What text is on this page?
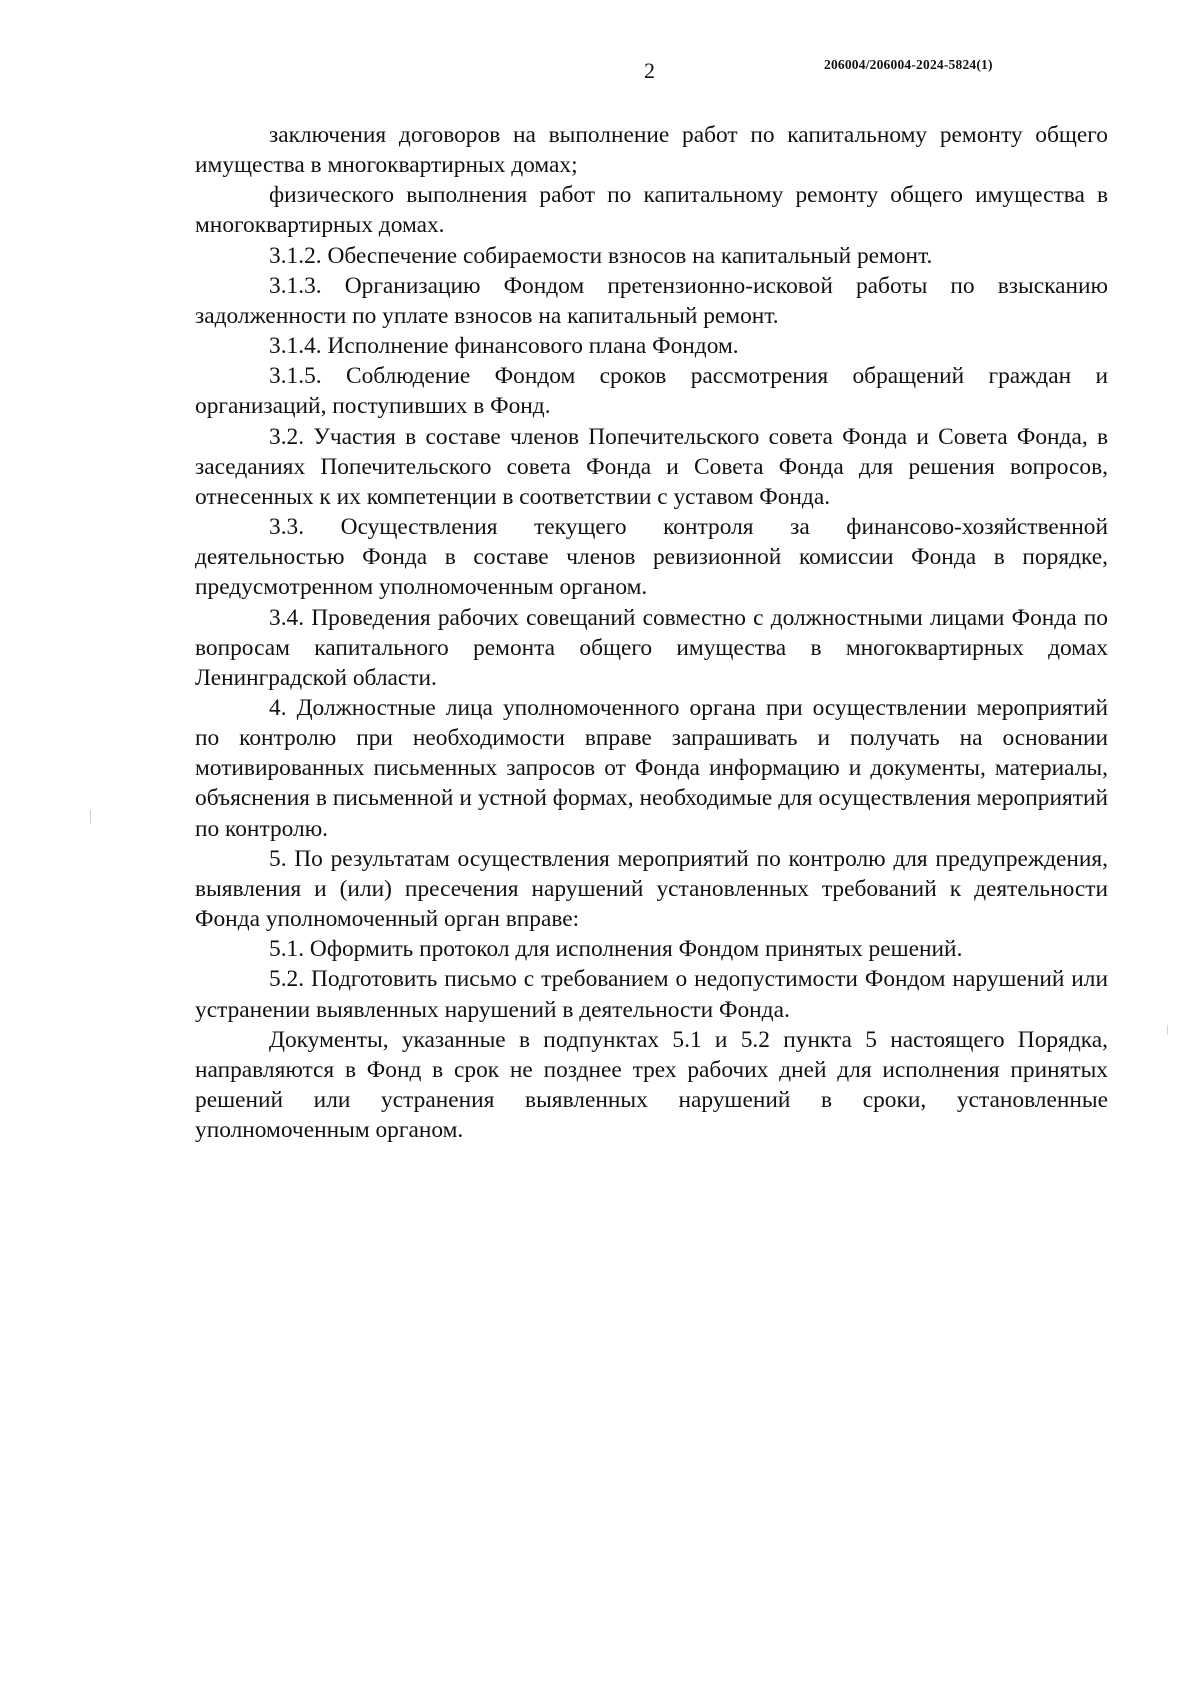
2	206004/206004-2024-5824(1)

заключения договоров на выполнение работ по капитальному ремонту общего имущества в многоквартирных домах;

физического выполнения работ по капитальному ремонту общего имущества в многоквартирных домах.

3.1.2. Обеспечение собираемости взносов на капитальный ремонт.

3.1.3. Организацию Фондом претензионно-исковой работы по взысканию задолженности по уплате взносов на капитальный ремонт.

3.1.4. Исполнение финансового плана Фондом.

3.1.5. Соблюдение Фондом сроков рассмотрения обращений граждан и организаций, поступивших в Фонд.

3.2. Участия в составе членов Попечительского совета Фонда и Совета Фонда, в заседаниях Попечительского совета Фонда и Совета Фонда для решения вопросов, отнесенных к их компетенции в соответствии с уставом Фонда.

3.3. Осуществления текущего контроля за финансово-хозяйственной деятельностью Фонда в составе членов ревизионной комиссии Фонда в порядке, предусмотренном уполномоченным органом.

3.4. Проведения рабочих совещаний совместно с должностными лицами Фонда по вопросам капитального ремонта общего имущества в многоквартирных домах Ленинградской области.

4. Должностные лица уполномоченного органа при осуществлении мероприятий по контролю при необходимости вправе запрашивать и получать на основании мотивированных письменных запросов от Фонда информацию и документы, материалы, объяснения в письменной и устной формах, необходимые для осуществления мероприятий по контролю.

5. По результатам осуществления мероприятий по контролю для предупреждения, выявления и (или) пресечения нарушений установленных требований к деятельности Фонда уполномоченный орган вправе:

5.1. Оформить протокол для исполнения Фондом принятых решений.

5.2. Подготовить письмо с требованием о недопустимости Фондом нарушений или устранении выявленных нарушений в деятельности Фонда.

Документы, указанные в подпунктах 5.1 и 5.2 пункта 5 настоящего Порядка, направляются в Фонд в срок не позднее трех рабочих дней для исполнения принятых решений или устранения выявленных нарушений в сроки, установленные уполномоченным органом.
